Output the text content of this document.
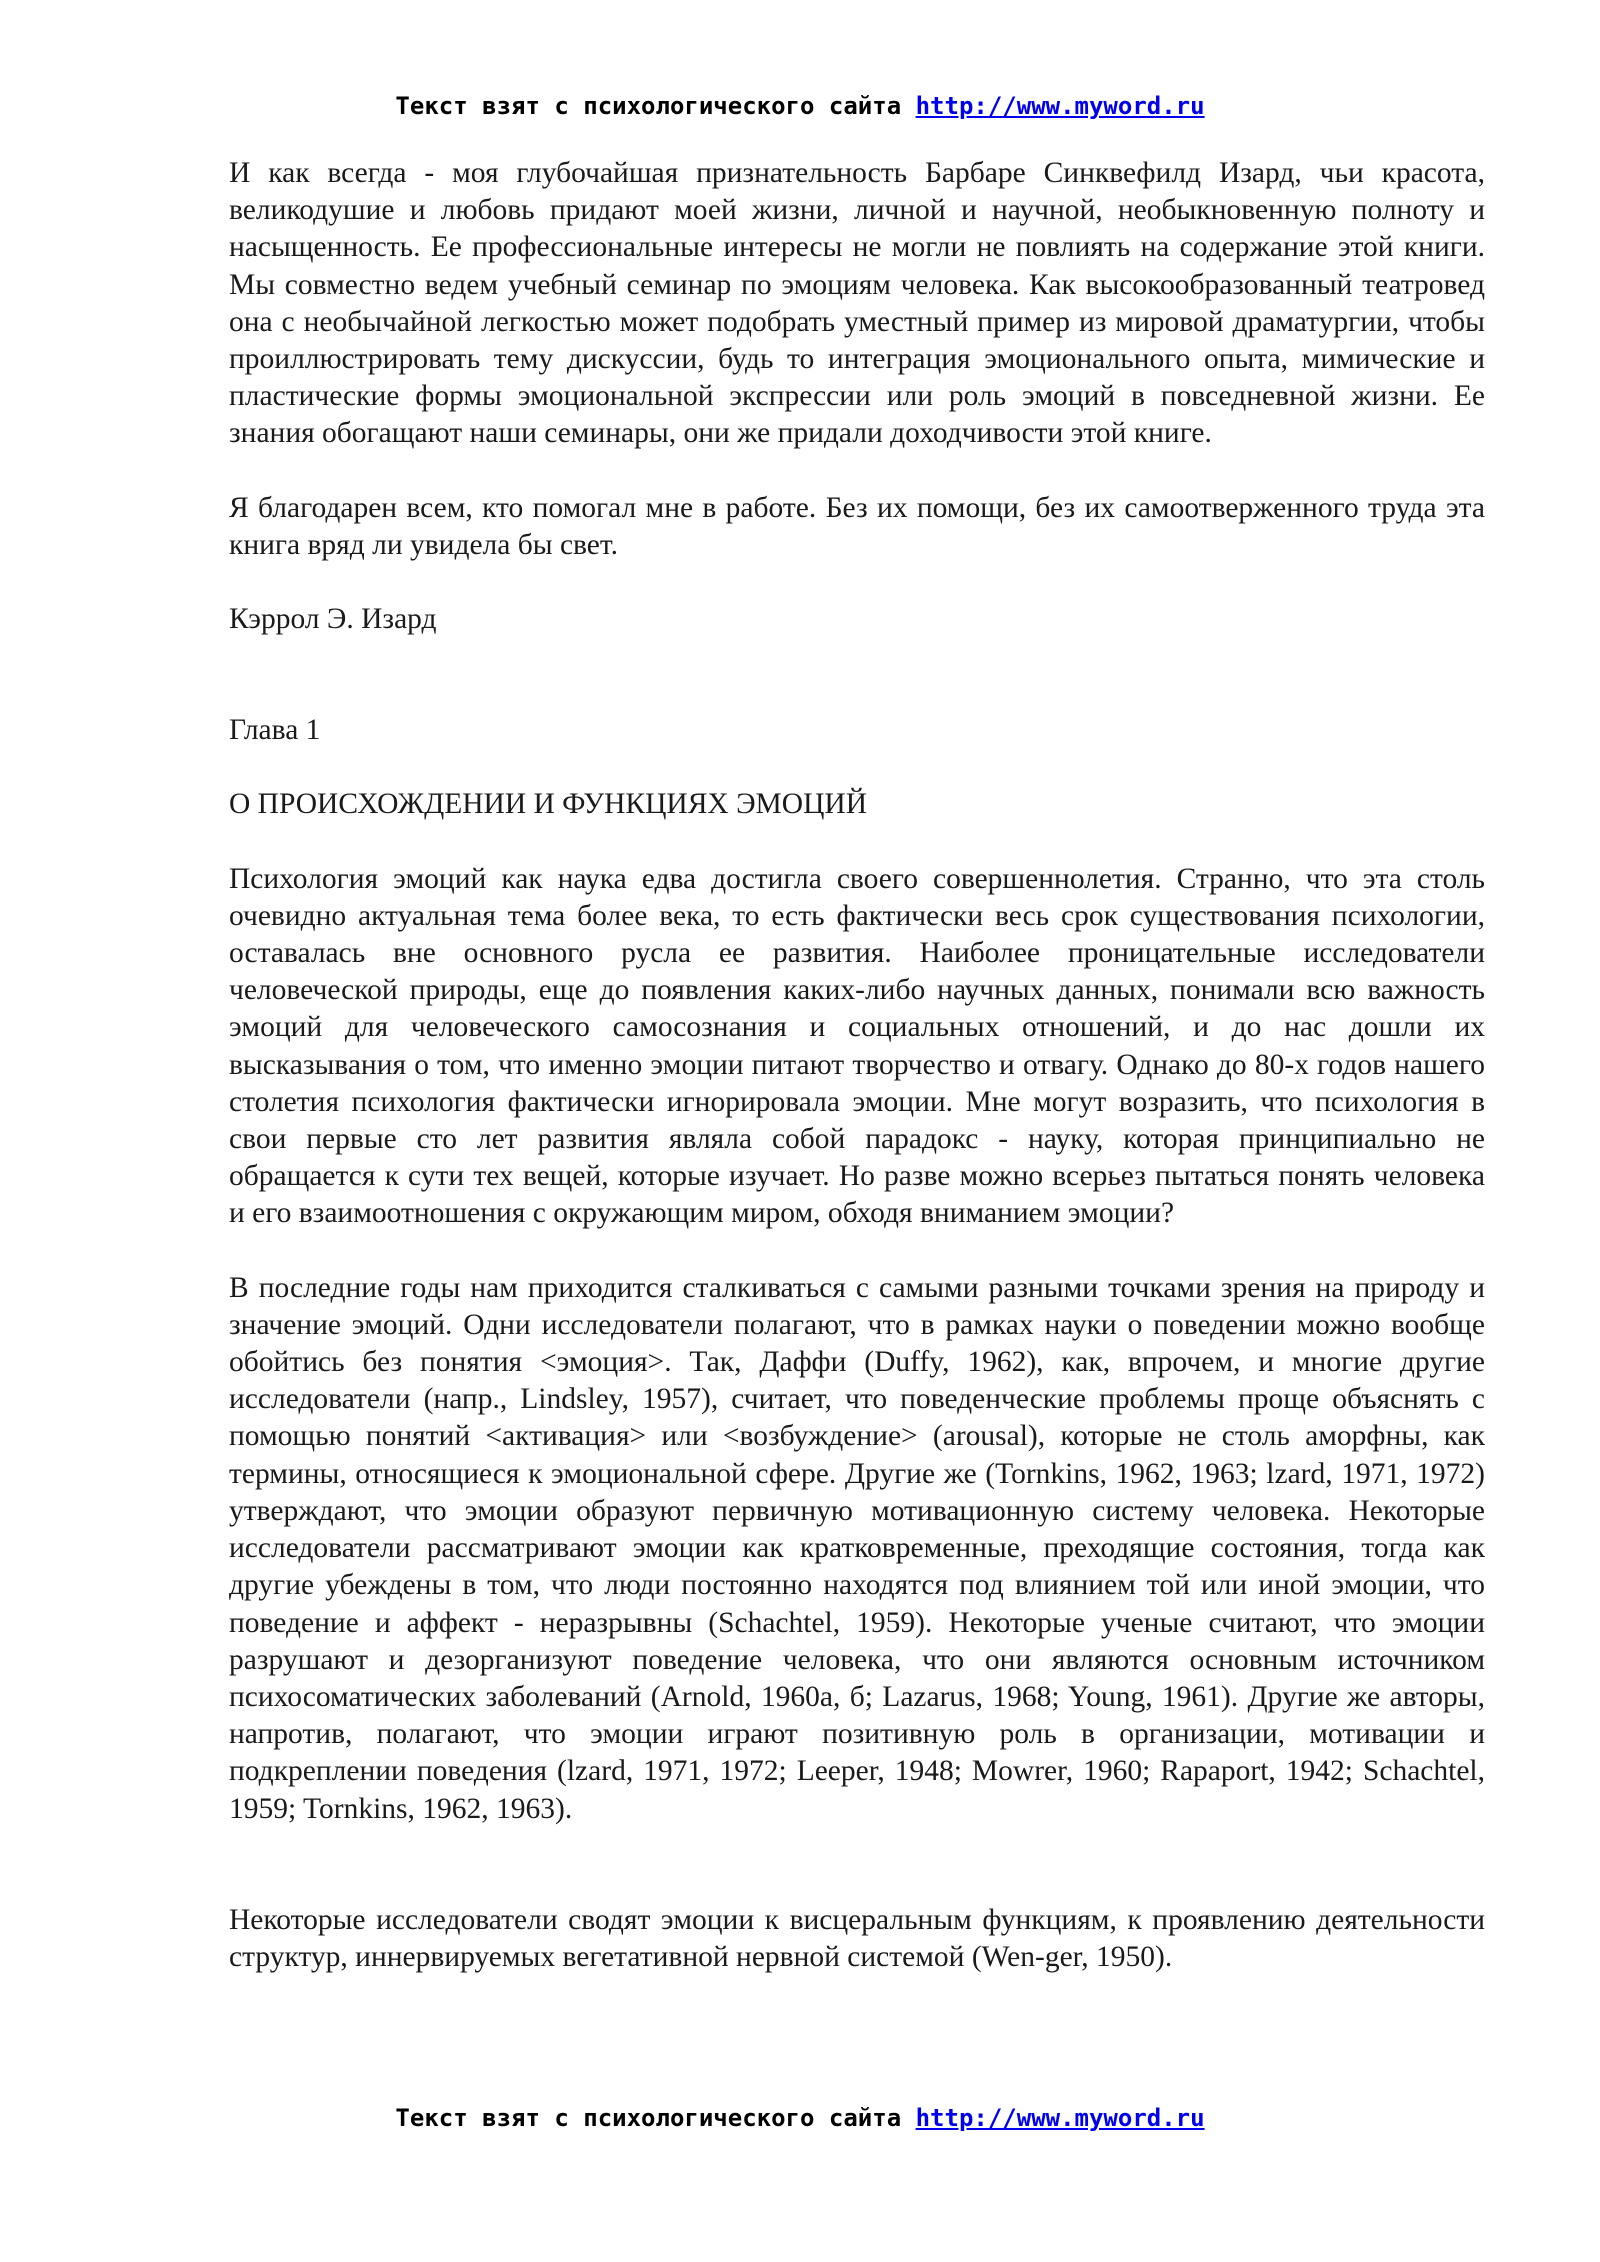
Текст взят с психологического сайта http://www.myword.ru

И как всегда - моя глубочайшая признательность Барбаре Синквефилд Изард, чьи красота, великодушие и любовь придают моей жизни, личной и научной, необыкновенную полноту и насыщенность. Ее профессиональные интересы не могли не повлиять на содержание этой книги. Мы совместно ведем учебный семинар по эмоциям человека. Как высокообразованный театровед она с необычайной легкостью может подобрать уместный пример из мировой драматургии, чтобы проиллюстрировать тему дискуссии, будь то интеграция эмоционального опыта, мимические и пластические формы эмоциональной экспрессии или роль эмоций в повседневной жизни. Ее знания обогащают наши семинары, они же придали доходчивости этой книге.

Я благодарен всем, кто помогал мне в работе. Без их помощи, без их самоотверженного труда эта книга вряд ли увидела бы свет.

Кэррол Э. Изард

Глава 1

О ПРОИСХОЖДЕНИИ И ФУНКЦИЯХ ЭМОЦИЙ

Психология эмоций как наука едва достигла своего совершеннолетия. Странно, что эта столь очевидно актуальная тема более века, то есть фактически весь срок существования психологии, оставалась вне основного русла ее развития. Наиболее проницательные исследователи человеческой природы, еще до появления каких-либо научных данных, понимали всю важность эмоций для человеческого самосознания и социальных отношений, и до нас дошли их высказывания о том, что именно эмоции питают творчество и отвагу. Однако до 80-х годов нашего столетия психология фактически игнорировала эмоции. Мне могут возразить, что психология в свои первые сто лет развития являла собой парадокс - науку, которая принципиально не обращается к сути тех вещей, которые изучает. Но разве можно всерьез пытаться понять человека и его взаимоотношения с окружающим миром, обходя вниманием эмоции?

В последние годы нам приходится сталкиваться с самыми разными точками зрения на природу и значение эмоций. Одни исследователи полагают, что в рамках науки о поведении можно вообще обойтись без понятия <эмоция>. Так, Даффи (Duffy, 1962), как, впрочем, и многие другие исследователи (напр., Lindsley, 1957), считает, что поведенческие проблемы проще объяснять с помощью понятий <активация> или <возбуждение> (arousal), которые не столь аморфны, как термины, относящиеся к эмоциональной сфере. Другие же (Tornkins, 1962, 1963; lzard, 1971, 1972) утверждают, что эмоции образуют первичную мотивационную систему человека. Некоторые исследователи рассматривают эмоции как кратковременные, преходящие состояния, тогда как другие убеждены в том, что люди постоянно находятся под влиянием той или иной эмоции, что поведение и аффект - неразрывны (Schachtel, 1959). Некоторые ученые считают, что эмоции разрушают и дезорганизуют поведение человека, что они являются основным источником психосоматических заболеваний (Arnold, 1960а, б; Lazarus, 1968; Young, 1961). Другие же авторы, напротив, полагают, что эмоции играют позитивную роль в организации, мотивации и подкреплении поведения (lzard, 1971, 1972; Leeper, 1948; Mowrer, 1960; Rapaport, 1942; Schachtel, 1959; Tornkins, 1962, 1963).

Некоторые исследователи сводят эмоции к висцеральным функциям, к проявлению деятельности структур, иннервируемых вегетативной нервной системой (Wen-ger, 1950).

Текст взят с психологического сайта http://www.myword.ru
